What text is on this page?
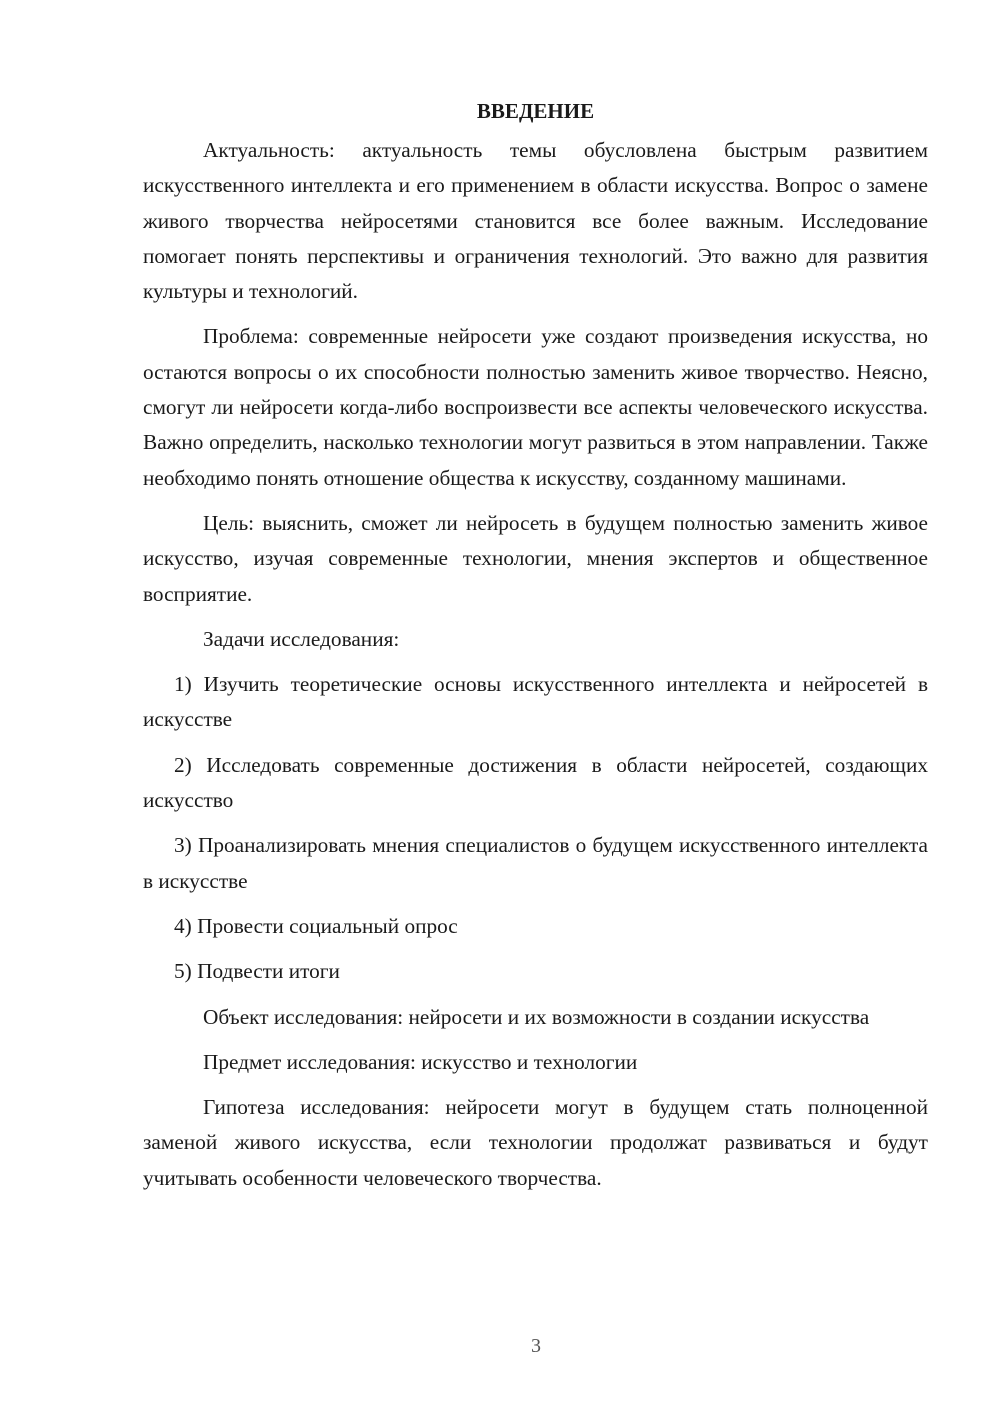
ВВЕДЕНИЕ

Актуальность: актуальность темы обусловлена быстрым развитием искусственного интеллекта и его применением в области искусства. Вопрос о замене живого творчества нейросетями становится все более важным. Исследование помогает понять перспективы и ограничения технологий. Это важно для развития культуры и технологий.

Проблема: современные нейросети уже создают произведения искусства, но остаются вопросы о их способности полностью заменить живое творчество. Неясно, смогут ли нейросети когда-либо воспроизвести все аспекты человеческого искусства. Важно определить, насколько технологии могут развиться в этом направлении. Также необходимо понять отношение общества к искусству, созданному машинами.

Цель: выяснить, сможет ли нейросеть в будущем полностью заменить живое искусство, изучая современные технологии, мнения экспертов и общественное восприятие.

Задачи исследования:

1) Изучить теоретические основы искусственного интеллекта и нейросетей в искусстве

2) Исследовать современные достижения в области нейросетей, создающих искусство

3) Проанализировать мнения специалистов о будущем искусственного интеллекта в искусстве

4) Провести социальный опрос

5) Подвести итоги

Объект исследования: нейросети и их возможности в создании искусства

Предмет исследования: искусство и технологии

Гипотеза исследования: нейросети могут в будущем стать полноценной заменой живого искусства, если технологии продолжат развиваться и будут учитывать особенности человеческого творчества.

3
